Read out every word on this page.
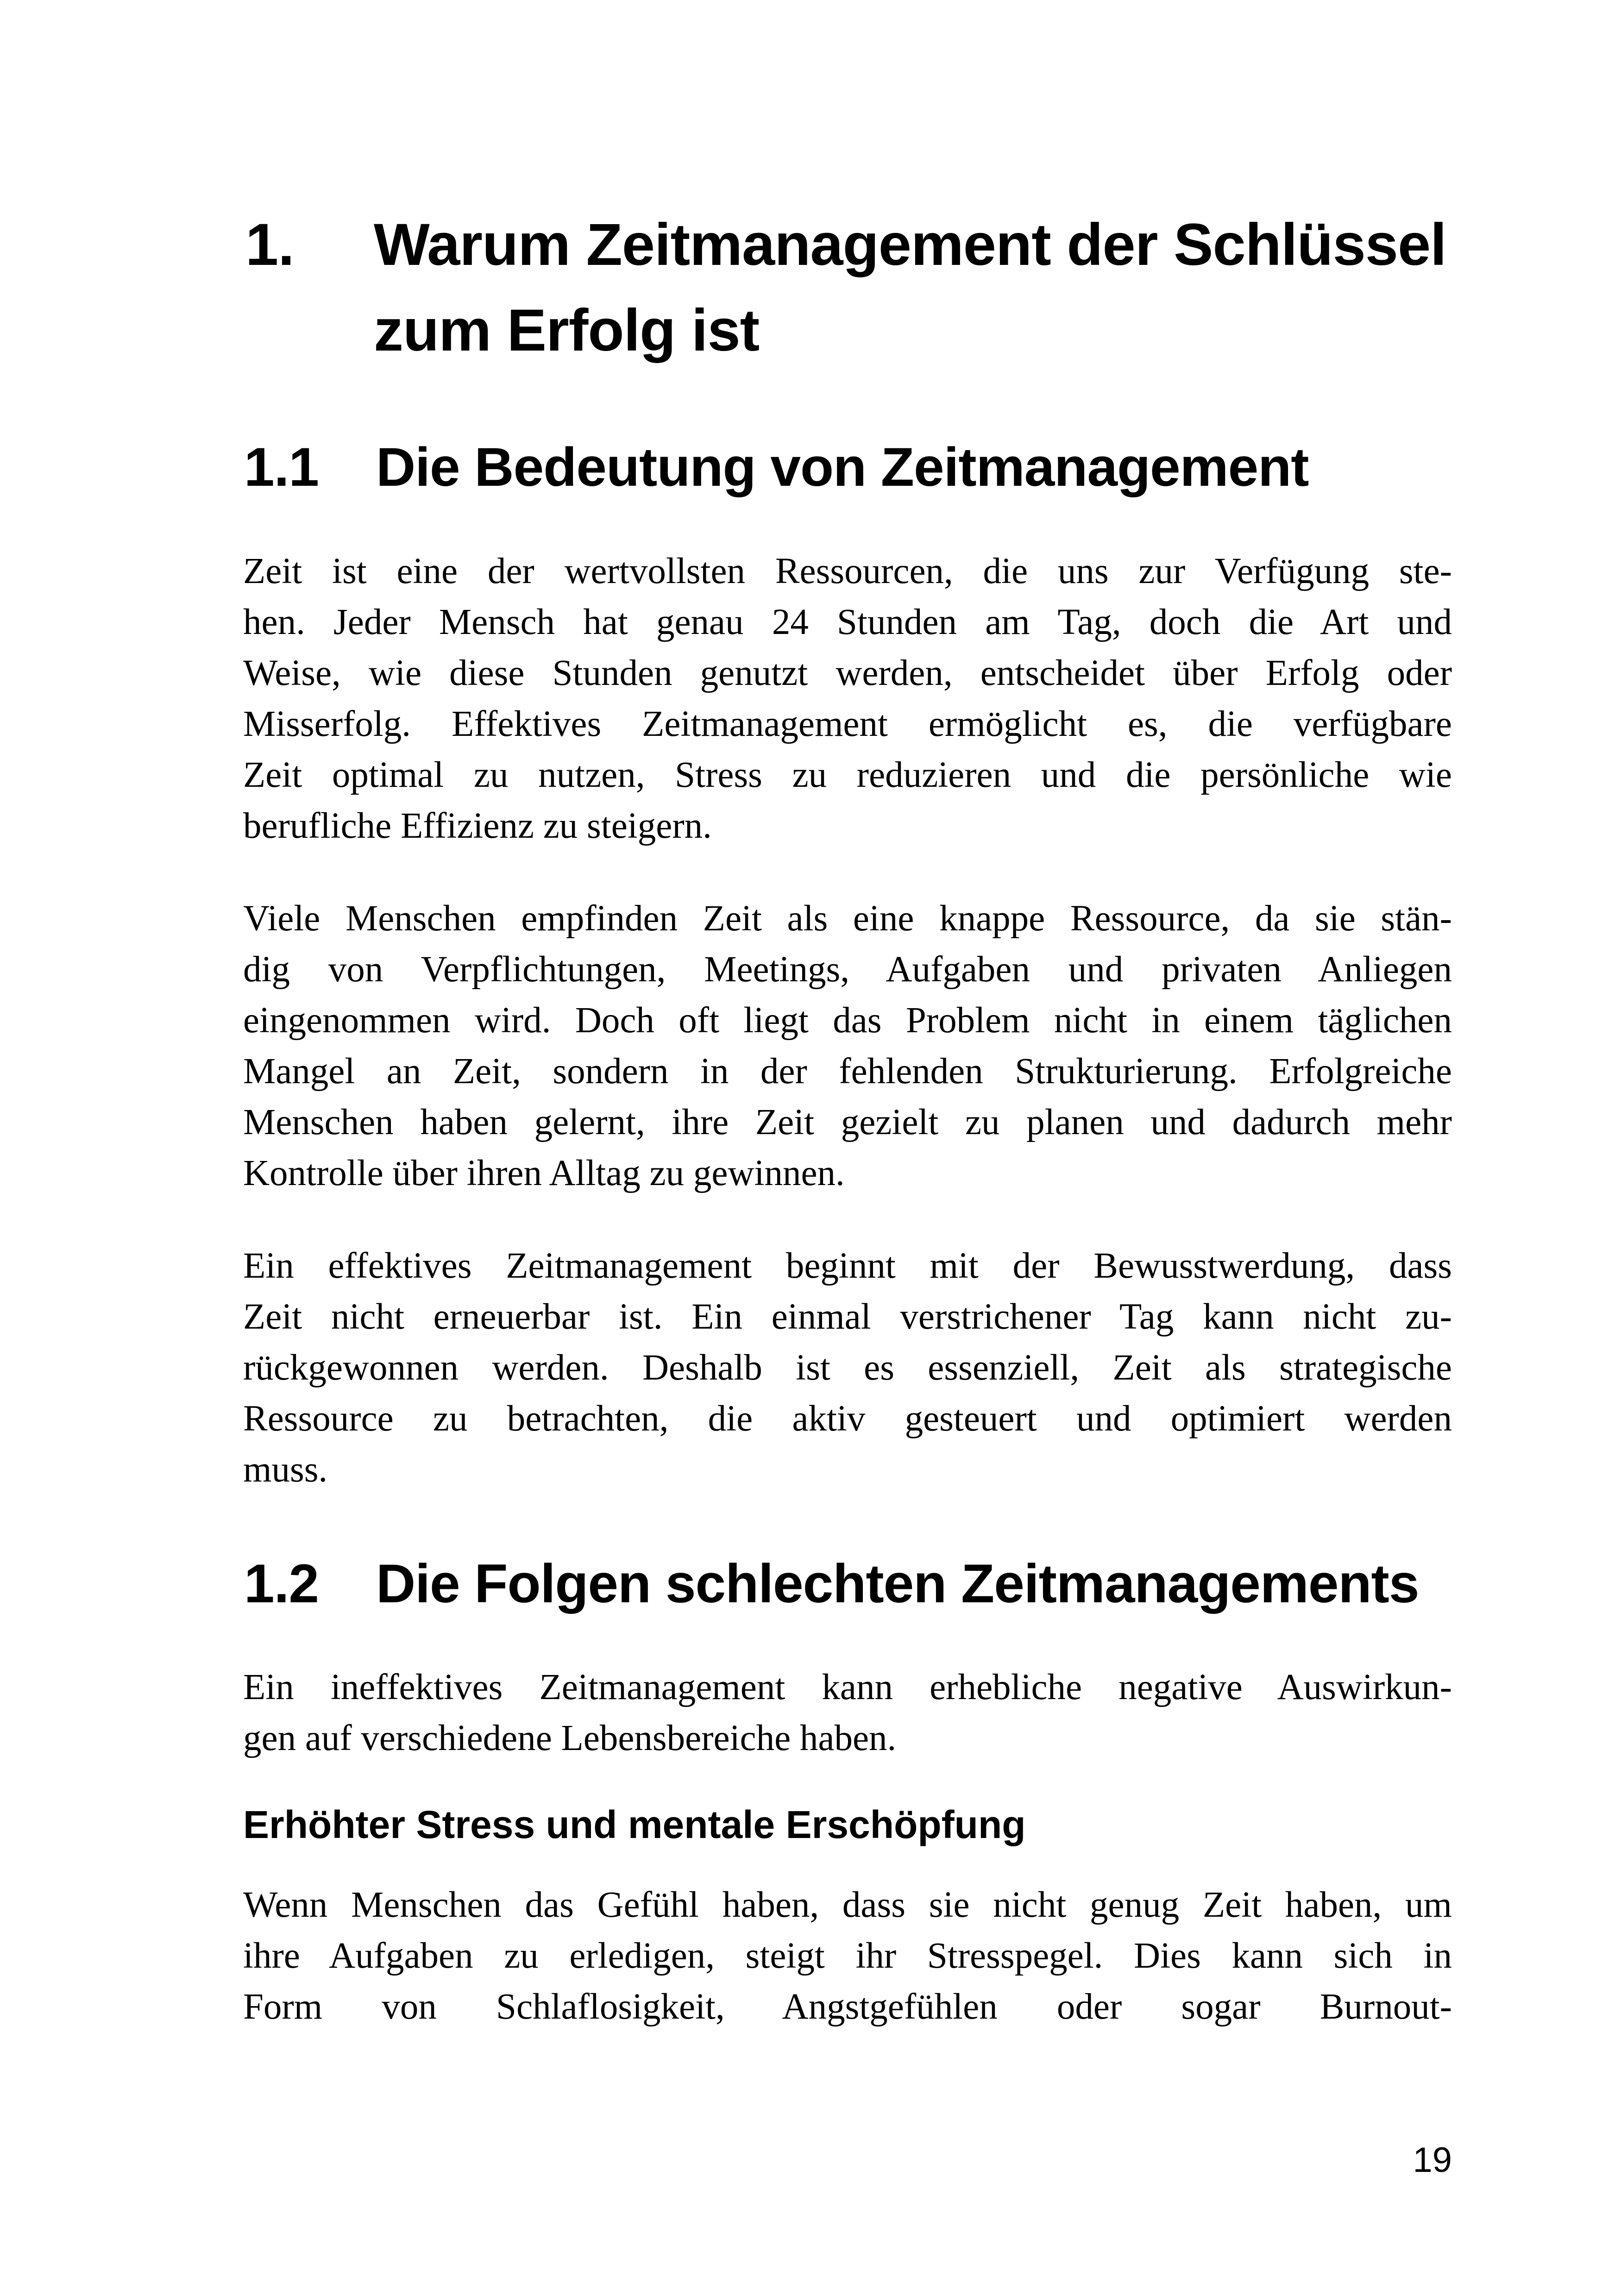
1.	Warum Zeitmanagement der Schlüssel zum Erfolg ist
1.1	Die Bedeutung von Zeitmanagement
Zeit ist eine der wertvollsten Ressourcen, die uns zur Verfügung ste-
hen. Jeder Mensch hat genau 24 Stunden am Tag, doch die Art und
Weise, wie diese Stunden genutzt werden, entscheidet über Erfolg oder
Misserfolg. Effektives Zeitmanagement ermöglicht es, die verfügbare
Zeit optimal zu nutzen, Stress zu reduzieren und die persönliche wie
berufliche Effizienz zu steigern.
Viele Menschen empfinden Zeit als eine knappe Ressource, da sie stän-
dig von Verpflichtungen, Meetings, Aufgaben und privaten Anliegen
eingenommen wird. Doch oft liegt das Problem nicht in einem täglichen
Mangel an Zeit, sondern in der fehlenden Strukturierung. Erfolgreiche
Menschen haben gelernt, ihre Zeit gezielt zu planen und dadurch mehr
Kontrolle über ihren Alltag zu gewinnen.
Ein effektives Zeitmanagement beginnt mit der Bewusstwerdung, dass
Zeit nicht erneuerbar ist. Ein einmal verstrichener Tag kann nicht zu-
rückgewonnen werden. Deshalb ist es essenziell, Zeit als strategische
Ressource zu betrachten, die aktiv gesteuert und optimiert werden
muss.
1.2	Die Folgen schlechten Zeitmanagements
Ein ineffektives Zeitmanagement kann erhebliche negative Auswirkun-
gen auf verschiedene Lebensbereiche haben.
Erhöhter Stress und mentale Erschöpfung
Wenn Menschen das Gefühl haben, dass sie nicht genug Zeit haben, um
ihre Aufgaben zu erledigen, steigt ihr Stresspegel. Dies kann sich in
Form von Schlaflosigkeit, Angstgefühlen oder sogar Burnout-
19
